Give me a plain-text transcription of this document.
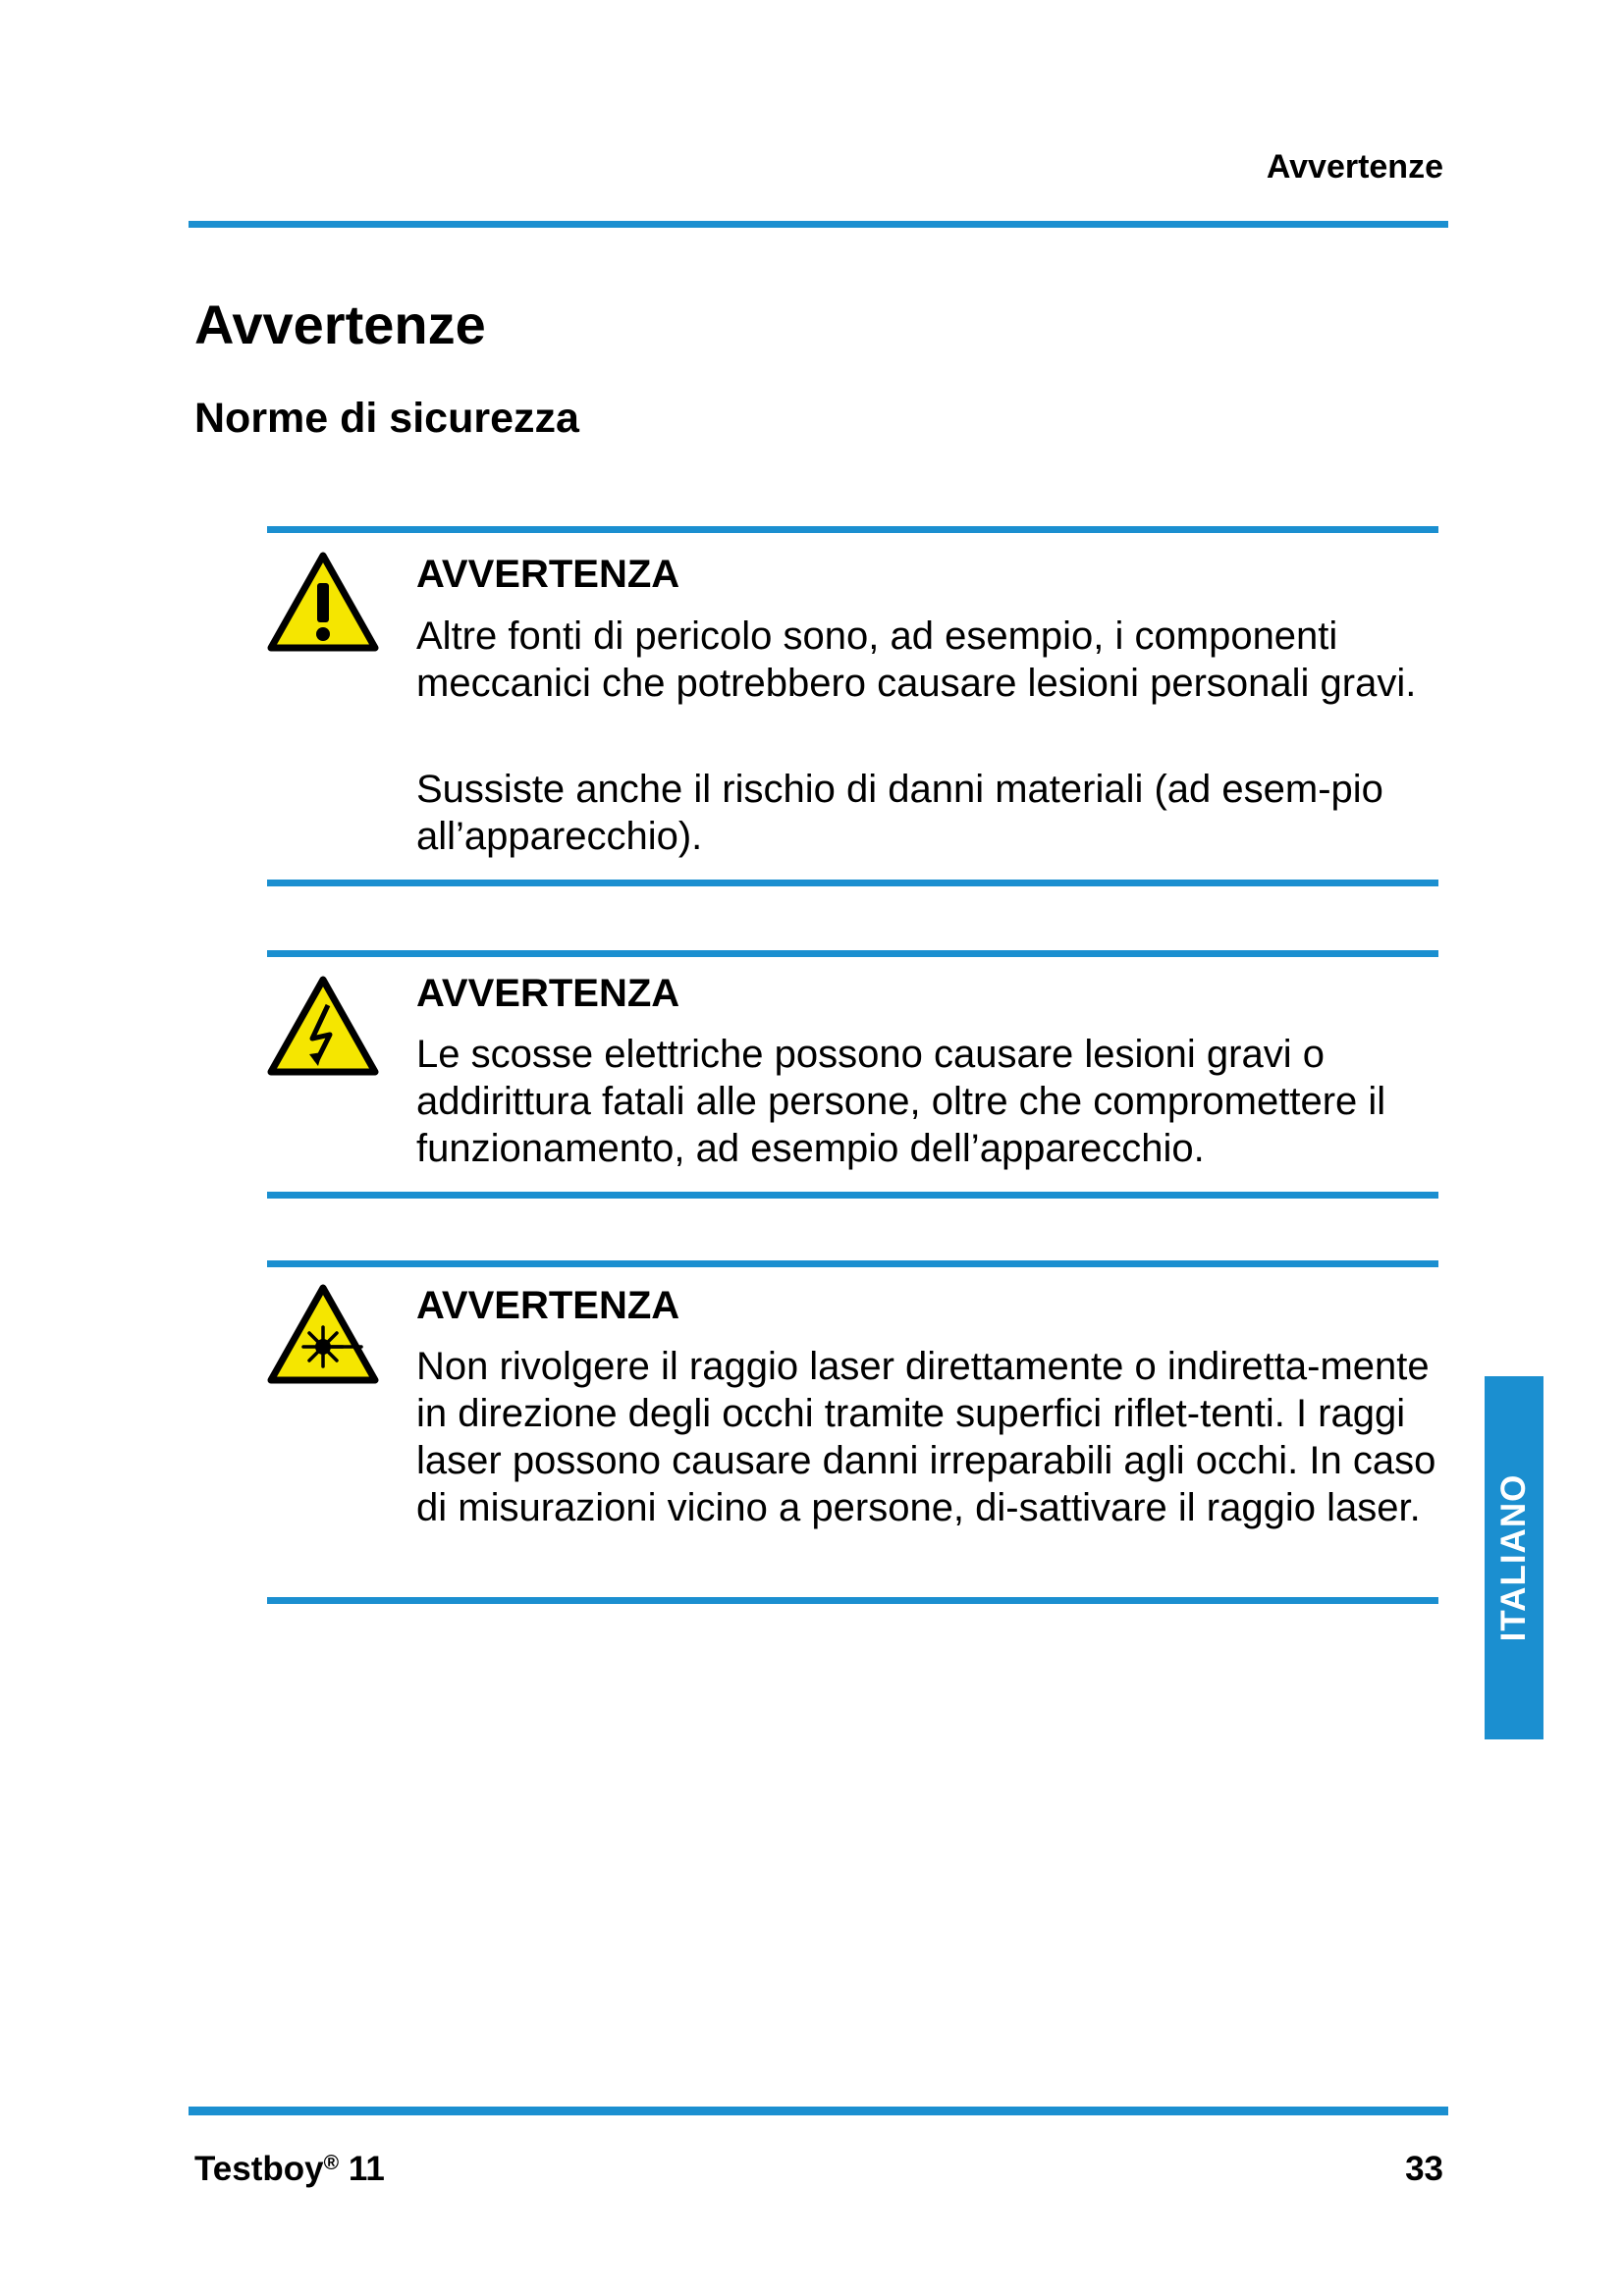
Avvertenze
Avvertenze
Norme di sicurezza
AVVERTENZA

Altre fonti di pericolo sono, ad esempio, i componenti meccanici che potrebbero causare lesioni personali gravi.

Sussiste anche il rischio di danni materiali (ad esem-pio all’apparecchio).

AVVERTENZA

Le scosse elettriche possono causare lesioni gravi o addirittura fatali alle persone, oltre che compromettere il funzionamento, ad esempio dell’apparecchio.

AVVERTENZA

Non rivolgere il raggio laser direttamente o indiretta-mente in direzione degli occhi tramite superfici riflet-tenti. I raggi laser possono causare danni irreparabili agli occhi. In caso di misurazioni vicino a persone, di-sattivare il raggio laser.	ITALIANO
Testboy® 11	33
